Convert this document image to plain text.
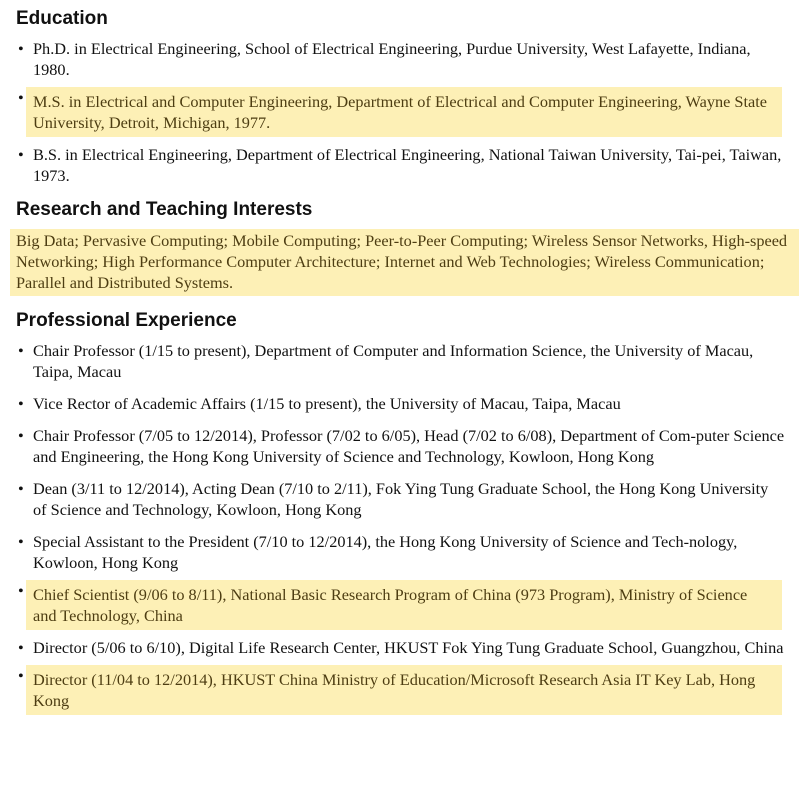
Education
• Ph.D. in Electrical Engineering, School of Electrical Engineering, Purdue University, West Lafayette, Indiana, 1980.
• M.S. in Electrical and Computer Engineering, Department of Electrical and Computer Engineering, Wayne State University, Detroit, Michigan, 1977.
• B.S. in Electrical Engineering, Department of Electrical Engineering, National Taiwan University, Tai-pei, Taiwan, 1973.
Research and Teaching Interests
Big Data; Pervasive Computing; Mobile Computing; Peer-to-Peer Computing; Wireless Sensor Networks, High-speed Networking; High Performance Computer Architecture; Internet and Web Technologies; Wireless Communication; Parallel and Distributed Systems.
Professional Experience
• Chair Professor (1/15 to present), Department of Computer and Information Science, the University of Macau, Taipa, Macau
• Vice Rector of Academic Affairs (1/15 to present), the University of Macau, Taipa, Macau
• Chair Professor (7/05 to 12/2014), Professor (7/02 to 6/05), Head (7/02 to 6/08), Department of Com-puter Science and Engineering, the Hong Kong University of Science and Technology, Kowloon, Hong Kong
• Dean (3/11 to 12/2014), Acting Dean (7/10 to 2/11), Fok Ying Tung Graduate School, the Hong Kong University of Science and Technology, Kowloon, Hong Kong
• Special Assistant to the President (7/10 to 12/2014), the Hong Kong University of Science and Tech-nology, Kowloon, Hong Kong
• Chief Scientist (9/06 to 8/11), National Basic Research Program of China (973 Program), Ministry of Science and Technology, China
• Director (5/06 to 6/10), Digital Life Research Center, HKUST Fok Ying Tung Graduate School, Guangzhou, China
• Director (11/04 to 12/2014), HKUST China Ministry of Education/Microsoft Research Asia IT Key Lab, Hong Kong
